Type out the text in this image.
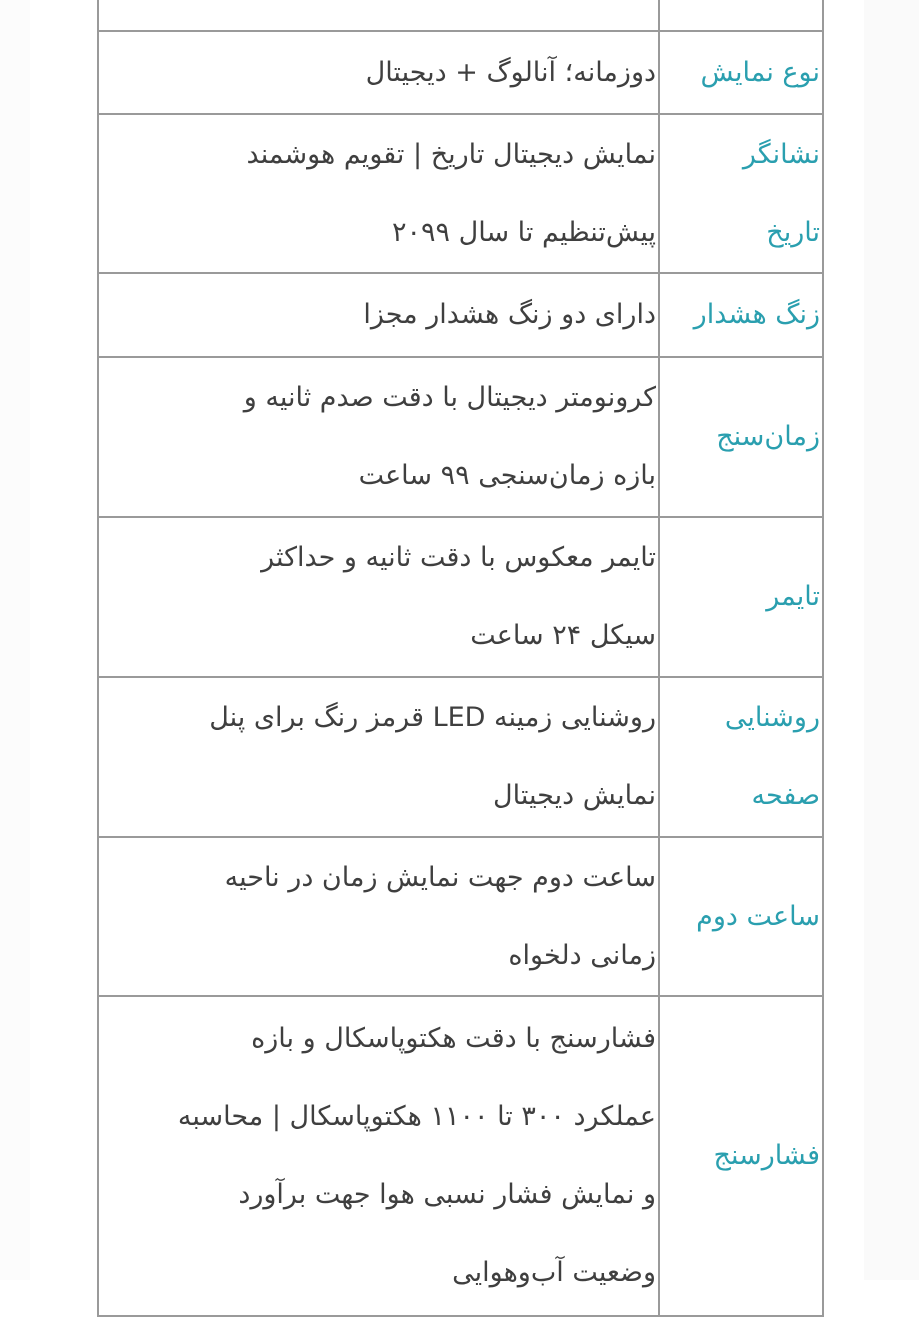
نوع نمایش	دوزمانه؛ آنالوگ + دیجیتال

نشانگر
تاریخ	نمایش دیجیتال تاریخ | تقویم هوشمند
پیش‌تنظیم تا سال ۲۰۹۹

زنگ هشدار	دارای دو زنگ هشدار مجزا

زمان‌سنج	کرونومتر دیجیتال با دقت صدم ثانیه و
بازه زمان‌سنجی ۹۹ ساعت

تایمر	تایمر معکوس با دقت ثانیه و حداکثر
سیکل ۲۴ ساعت

روشنایی
صفحه	روشنایی زمینه LED قرمز رنگ برای پنل
نمایش دیجیتال

ساعت دوم	ساعت دوم جهت نمایش زمان در ناحیه
زمانی دلخواه

فشارسنج	فشارسنج با دقت هکتوپاسکال و بازه
عملکرد ۳۰۰ تا ۱۱۰۰ هکتوپاسکال | محاسبه
و نمایش فشار نسبی هوا جهت برآورد
وضعیت آب‌وهوایی
